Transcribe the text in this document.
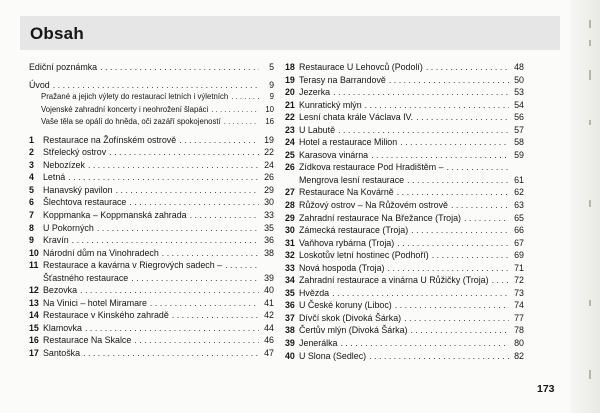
Obsah
Ediční poznámka . . .	5
Úvod . . .	9
Pražané a jejich výlety do restaurací letních i výletních . . .	9
Vojenské zahradní koncerty i neohrožení šlapáci . . .	10
Vaše těla se opálí do hněda, oči zazáří spokojeností . . .	16
1	Restaurace na Žofínském ostrově . . .	19
2	Střelecký ostrov . . .	22
3	Nebozízek . . .	24
4	Letná . . .	26
5	Hanavský pavilon . . .	29
6	Šlechtova restaurace . . .	30
7	Koppmanka – Koppmanská zahrada . . .	33
8	U Pokorných . . .	35
9	Kravín . . .	36
10 Národní dům na Vinohradech . . .	38
11 Restaurace a kavárna v Riegrových sadech –
. . .
Šťastného restaurace . . .	39
12 Bezovka . . .	40
13 Na Vinici – hotel Miramare . . .	41
14 Restaurace v Kinského zahradě . . .	42
15 Klamovka . . .	44
16 Restaurace Na Skalce . . .	46
17 Santoška . . .	47
18 Restaurace U Lehovců (Podolí) . . .	48
19 Terasy na Barrandově . . .	50
20 Jezerka . . .	53
21 Kunratický mlýn . . .	54
22 Lesní chata krále Václava IV. . . .	56
23 U Labutě . . .	57
24 Hotel a restaurace Milion . . .	58
25 Karasova vinárna . . .	59
26 Zídkova restaurace Pod Hradištěm –
. . .
Mengrova lesní restaurace . . .	61
27 Restaurace Na Kovárně . . .	62
28 Růžový ostrov – Na Růžovém ostrově . . .	63
29 Zahradní restaurace Na Břežance (Troja) . . .	65
30 Zámecká restaurace (Troja) . . .	66
31 Vaňhova rybárna (Troja) . . .	67
32 Loskotův letní hostinec (Podhoří) . . .	69
33 Nová hospoda (Troja) . . .	71
34 Zahradní restaurace a vinárna U Růžičky (Troja) . . .	72
35 Hvězda . . .	73
36 U České koruny (Liboc) . . .	74
37 Dívčí skok (Divoká Šárka) . . .	77
38 Čertův mlýn (Divoká Šárka) . . .	78
39 Jenerálka . . .	80
40 U Slona (Sedlec) . . .	82
173
